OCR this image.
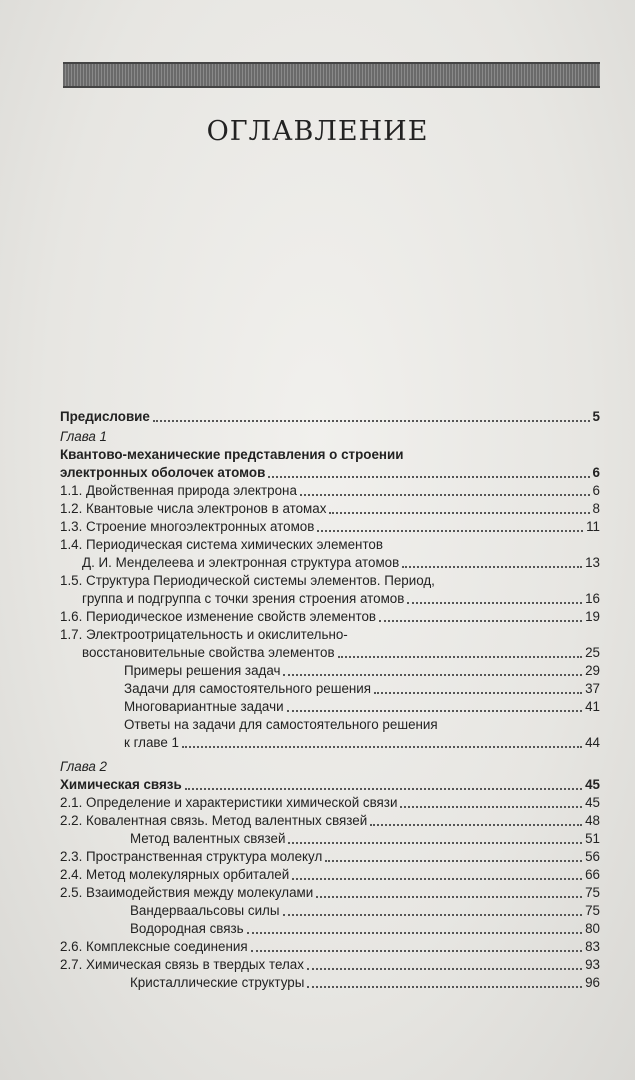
ОГЛАВЛЕНИЕ
Предисловие	5
Глава 1
Квантово-механические представления о строении
электронных оболочек атомов	6
1.1. Двойственная природа электрона	6
1.2. Квантовые числа электронов в атомах	8
1.3. Строение многоэлектронных атомов	11
1.4. Периодическая система химических элементов
Д. И. Менделеева и электронная структура атомов	13
1.5. Структура Периодической системы элементов. Период,
группа и подгруппа с точки зрения строения атомов	16
1.6. Периодическое изменение свойств элементов	19
1.7. Электроотрицательность и окислительно-
восстановительные свойства элементов	25
Примеры решения задач	29
Задачи для самостоятельного решения	37
Многовариантные задачи	41
Ответы на задачи для самостоятельного решения
к главе 1	44
Глава 2
Химическая связь	45
2.1. Определение и характеристики химической связи	45
2.2. Ковалентная связь. Метод валентных связей	48
Метод валентных связей	51
2.3. Пространственная структура молекул	56
2.4. Метод молекулярных орбиталей	66
2.5. Взаимодействия между молекулами	75
Вандерваальсовы силы	75
Водородная связь	80
2.6. Комплексные соединения	83
2.7. Химическая связь в твердых телах	93
Кристаллические структуры	96
